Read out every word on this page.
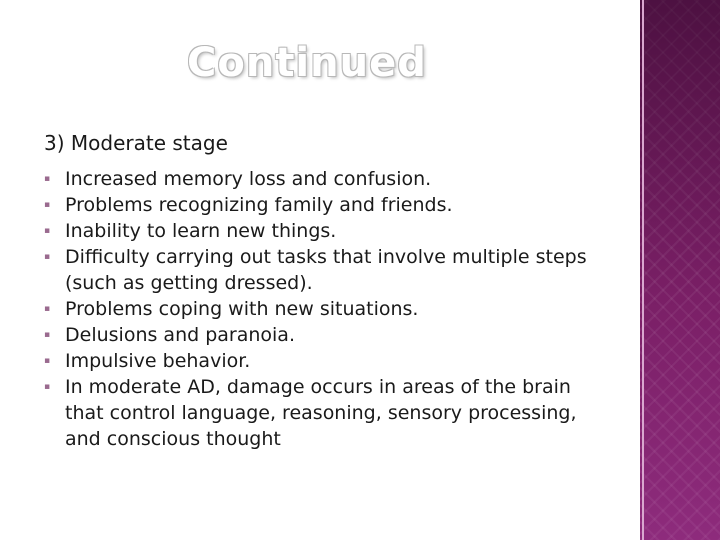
Continued
3) Moderate stage
▪ Increased memory loss and confusion.
▪ Problems recognizing family and friends.
▪ Inability to learn new things.
▪ Difficulty carrying out tasks that involve multiple steps (such as getting dressed).
▪ Problems coping with new situations.
▪ Delusions and paranoia.
▪ Impulsive behavior.
▪ In moderate AD, damage occurs in areas of the brain that control language, reasoning, sensory processing, and conscious thought
